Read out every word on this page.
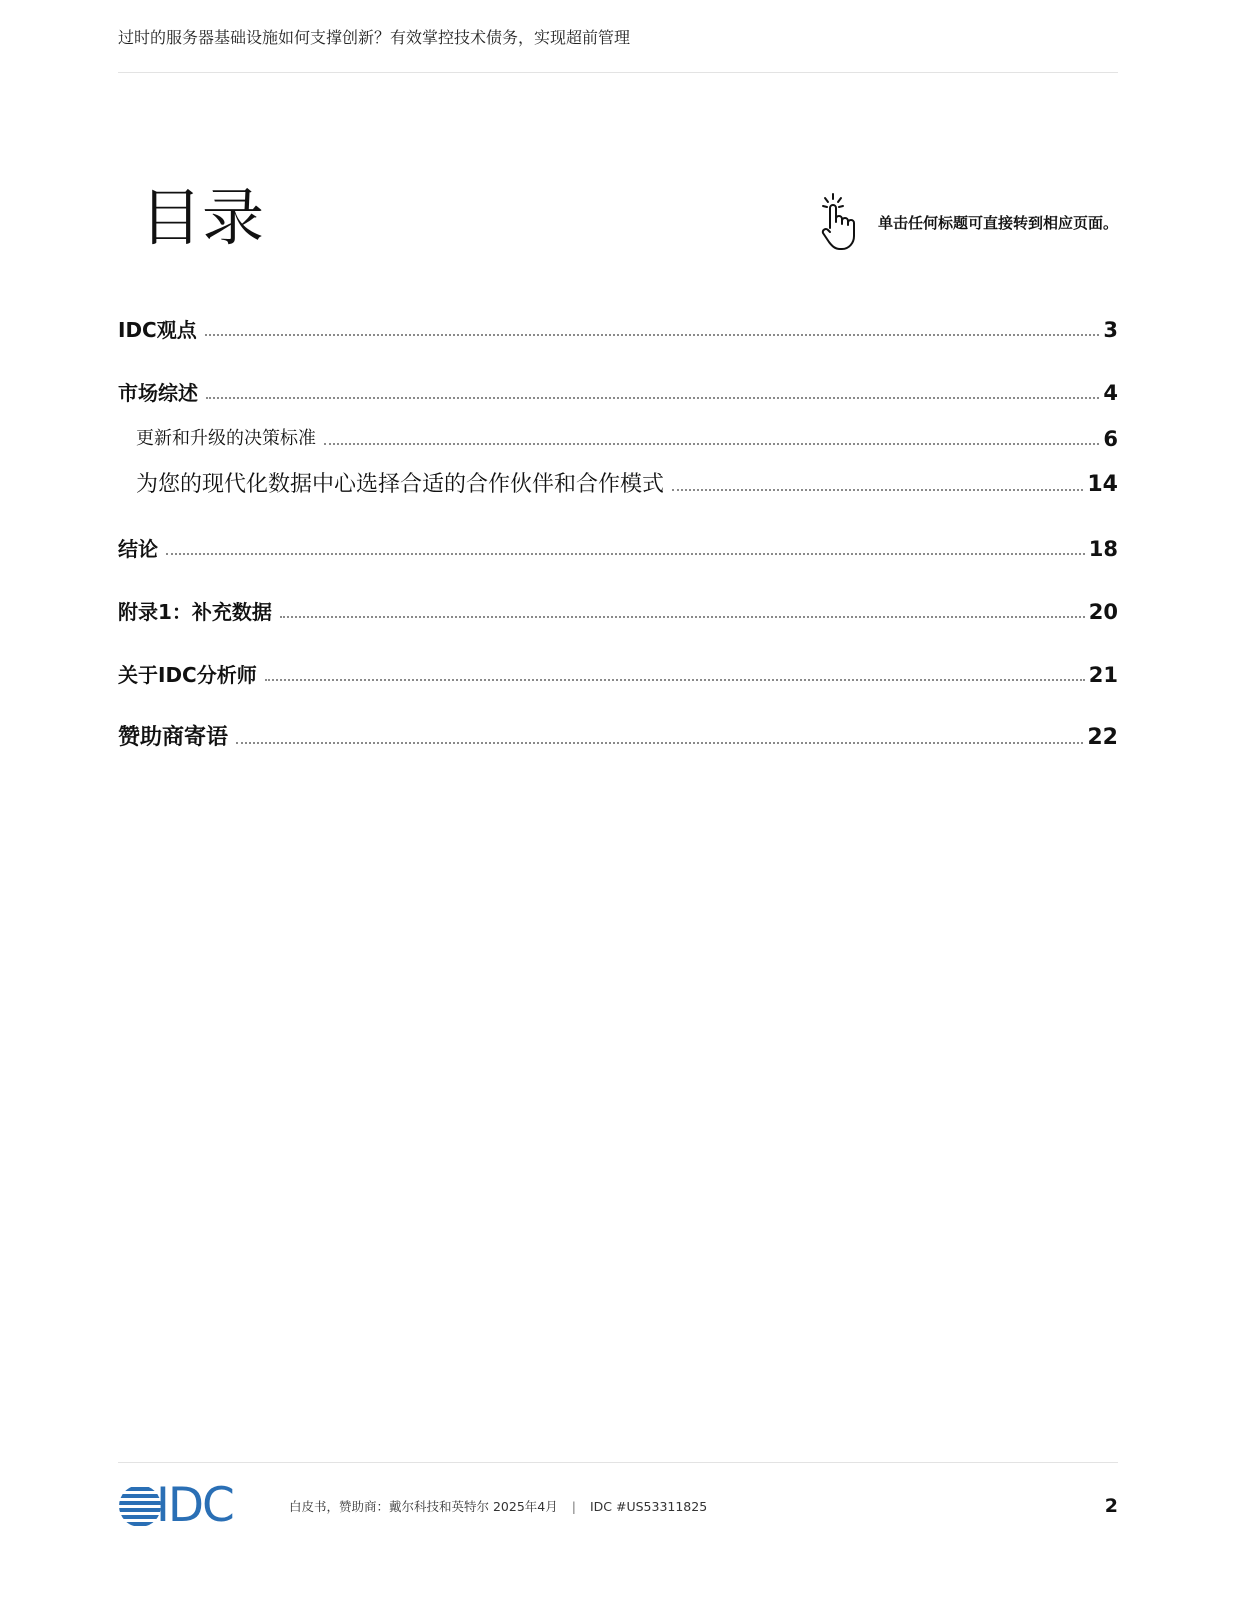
过时的服务器基础设施如何支撑创新？有效掌控技术债务，实现超前管理
目录	单击任何标题可直接转到相应页面。
IDC观点	3
市场综述	4
更新和升级的决策标准	6
为您的现代化数据中心选择合适的合作伙伴和合作模式	14
结论	18
附录1：补充数据	20
关于IDC分析师	21
赞助商寄语	22
IDC	白皮书，赞助商：戴尔科技和英特尔 2025年4月 | IDC #US53311825	2
